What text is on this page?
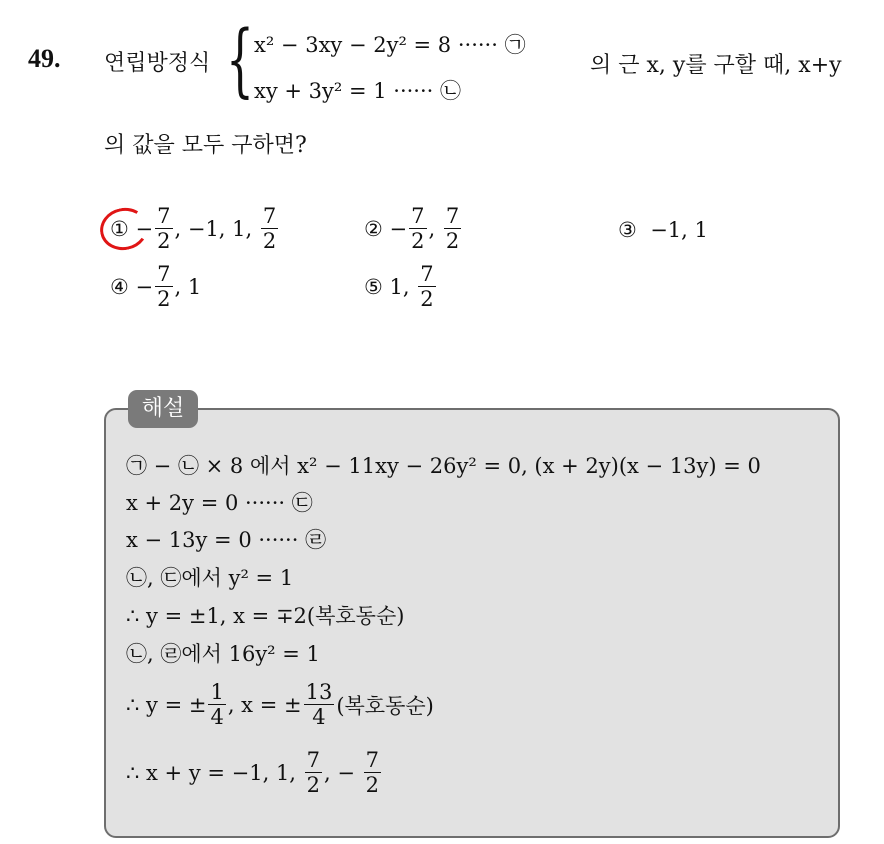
49. 연립방정식 { x² − 3xy − 2y² = 8 ······ ㉠
xy + 3y² = 1 ······ ㉡
의 근 x, y를 구할 때, x+y
의 값을 모두 구하면?
①
− $\frac{7}{2}$ , −1, 1, $\frac{7}{2}$	②
− $\frac{7}{2}$ , $\frac{7}{2}$	③
−1, 1
④
− $\frac{7}{2}$ , 1	⑤
1, $\frac{7}{2}$
해설
㉠ − ㉡ × 8 에서 x² − 11xy − 26y² = 0, (x + 2y)(x − 13y) = 0
x + 2y = 0 ······ ㉢
x − 13y = 0 ······ ㉣
㉡, ㉢에서 y² = 1
∴ y = ±1, x = ∓2(복호동순)
㉡, ㉣에서 16y² = 1
∴ y = ± $\frac{1}{4}$ , x = ± $\frac{13}{4}$ (복호동순)
∴ x + y = −1, 1, $\frac{7}{2}$ , − $\frac{7}{2}$
